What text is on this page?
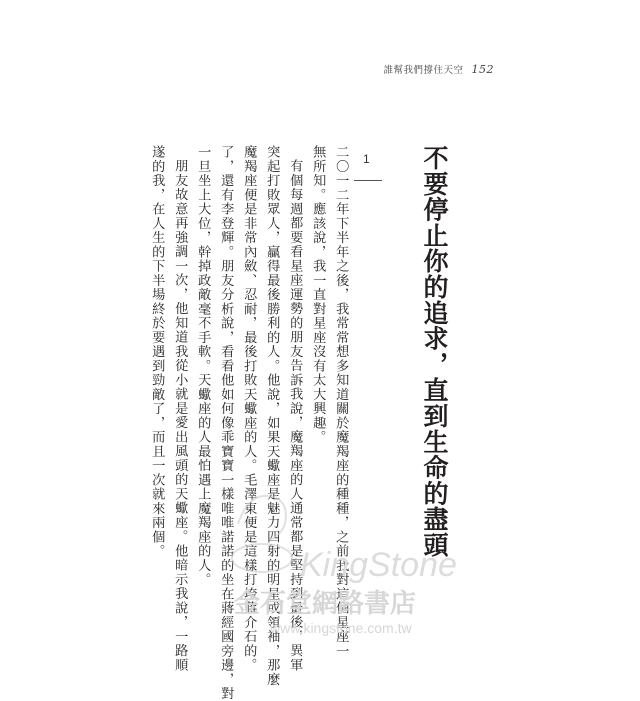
誰幫我們撐住天空 152
不要停止你的追求，直到生命的盡頭
1
二〇一二年下半年之後，我常常想多知道關於魔羯座的種種，之前我對這個星座一
無所知。應該說，我一直對星座沒有太大興趣。
有個每週都要看星座運勢的朋友告訴我說，魔羯座的人通常都是堅持到最後，異軍
突起打敗眾人，贏得最後勝利的人。他說，如果天蠍座是魅力四射的明星或領袖，那麼
魔羯座便是非常內斂、忍耐，最後打敗天蠍座的人。毛澤東便是這樣打垮蔣介石的。
了，還有李登輝。朋友分析說，看看他如何像乖寶寶一樣唯唯諾諾的坐在蔣經國旁邊，對
一旦坐上大位，幹掉政敵毫不手軟。天蠍座的人最怕遇上魔羯座的人。
朋友故意再強調一次，他知道我從小就是愛出風頭的天蠍座。他暗示我說，一路順
遂的我，在人生的下半場終於要遇到勁敵了，而且一次就來兩個。
KingStone
金石堂網路書店
www.kingstone.com.tw
